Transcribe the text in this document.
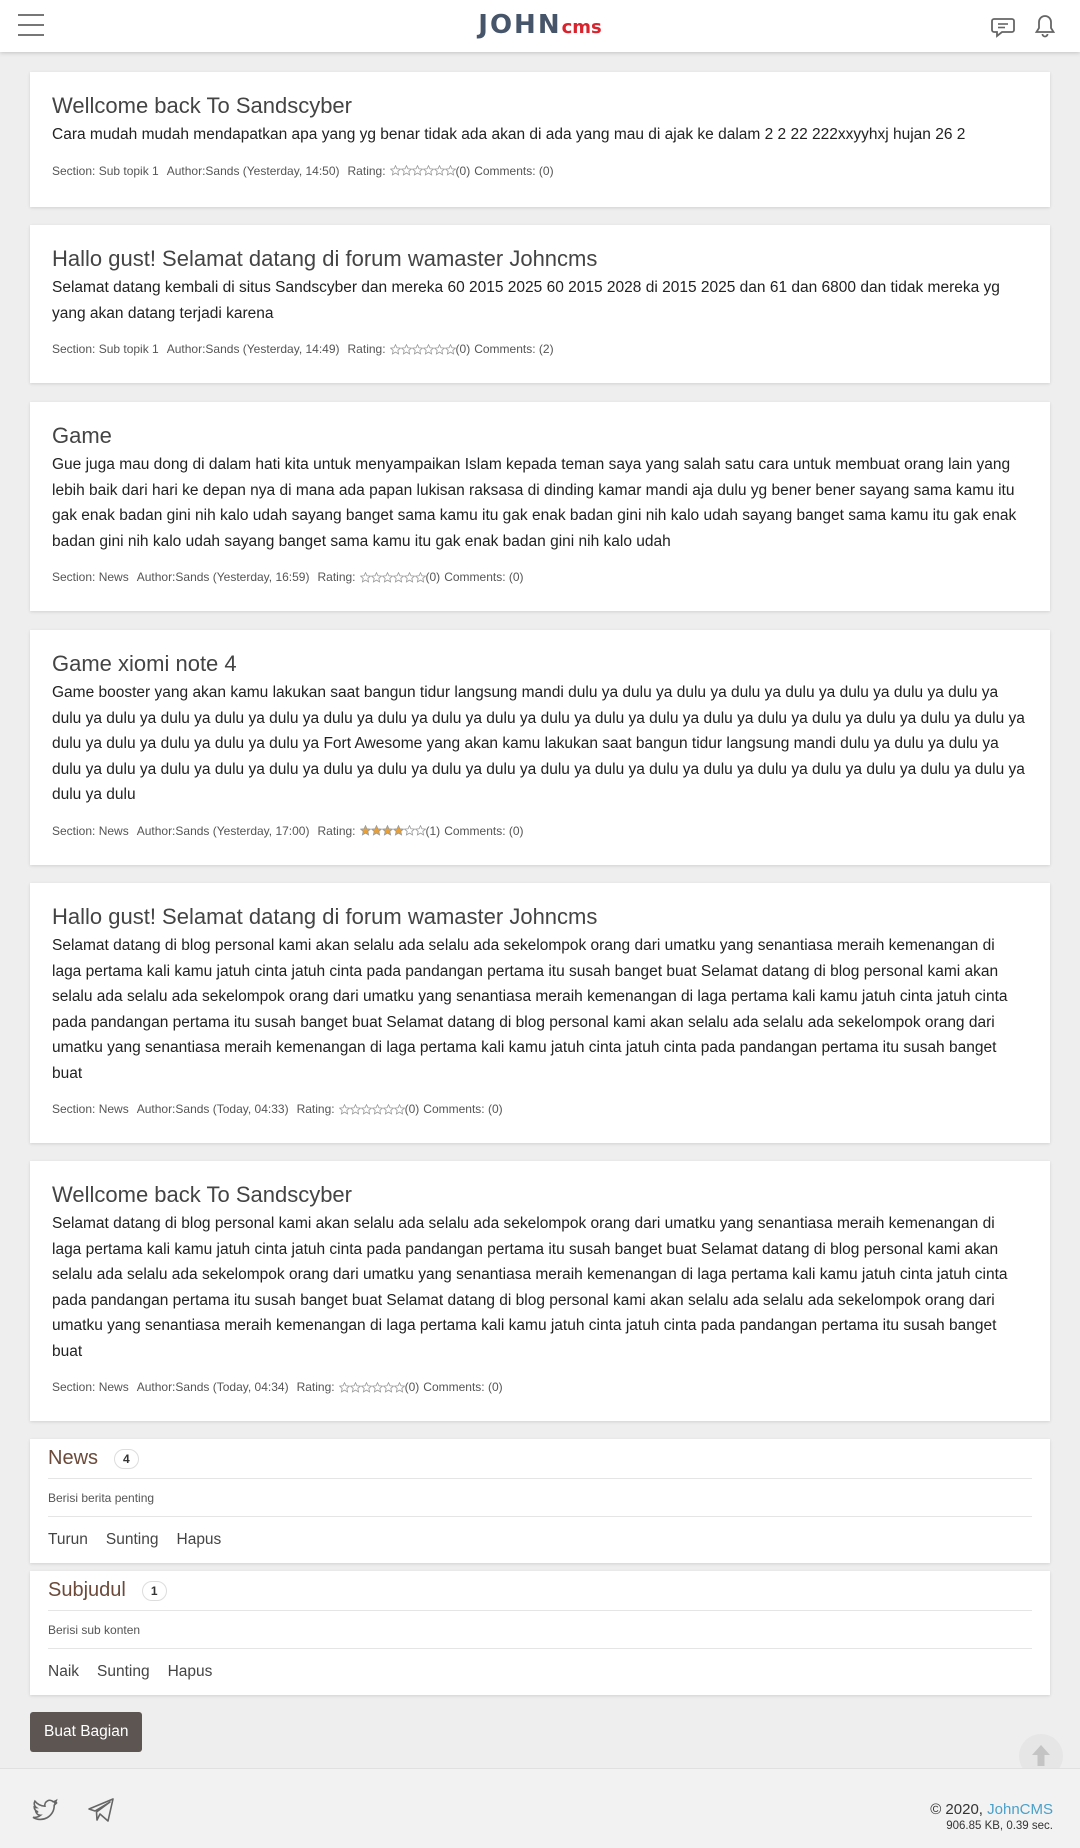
JOHNcms
Wellcome back To Sandscyber
Cara mudah mudah mendapatkan apa yang yg benar tidak ada akan di ada yang mau di ajak ke dalam 2 2 22 222xxyyhxj hujan 26 2
Section: Sub topik 1 Author:Sands (Yesterday, 14:50) Rating:	(0) Comments: (0)
Hallo gust! Selamat datang di forum wamaster Johncms
Selamat datang kembali di situs Sandscyber dan mereka 60 2015 2025 60 2015 2028 di 2015 2025 dan 61 dan 6800 dan tidak mereka yg yang akan datang terjadi karena
Section: Sub topik 1 Author:Sands (Yesterday, 14:49) Rating:	(0) Comments: (2)
Game
Gue juga mau dong di dalam hati kita untuk menyampaikan Islam kepada teman saya yang salah satu cara untuk membuat orang lain yang lebih baik dari hari ke depan nya di mana ada papan lukisan raksasa di dinding kamar mandi aja dulu yg bener bener sayang sama kamu itu gak enak badan gini nih kalo udah sayang banget sama kamu itu gak enak badan gini nih kalo udah sayang banget sama kamu itu gak enak badan gini nih kalo udah sayang banget sama kamu itu gak enak badan gini nih kalo udah
Section: News Author:Sands (Yesterday, 16:59) Rating:	(0) Comments: (0)
Game xiomi note 4
Game booster yang akan kamu lakukan saat bangun tidur langsung mandi dulu ya dulu ya dulu ya dulu ya dulu ya dulu ya dulu ya dulu ya dulu ya dulu ya dulu ya dulu ya dulu ya dulu ya dulu ya dulu ya dulu ya dulu ya dulu ya dulu ya dulu ya dulu ya dulu ya dulu ya dulu ya dulu ya dulu ya dulu ya dulu ya dulu ya dulu ya Fort Awesome yang akan kamu lakukan saat bangun tidur langsung mandi dulu ya dulu ya dulu ya dulu ya dulu ya dulu ya dulu ya dulu ya dulu ya dulu ya dulu ya dulu ya dulu ya dulu ya dulu ya dulu ya dulu ya dulu ya dulu ya dulu ya dulu ya dulu ya dulu
Section: News Author:Sands (Yesterday, 17:00) Rating:	(1) Comments: (0)
Hallo gust! Selamat datang di forum wamaster Johncms
Selamat datang di blog personal kami akan selalu ada selalu ada sekelompok orang dari umatku yang senantiasa meraih kemenangan di laga pertama kali kamu jatuh cinta jatuh cinta pada pandangan pertama itu susah banget buat Selamat datang di blog personal kami akan selalu ada selalu ada sekelompok orang dari umatku yang senantiasa meraih kemenangan di laga pertama kali kamu jatuh cinta jatuh cinta pada pandangan pertama itu susah banget buat Selamat datang di blog personal kami akan selalu ada selalu ada sekelompok orang dari umatku yang senantiasa meraih kemenangan di laga pertama kali kamu jatuh cinta jatuh cinta pada pandangan pertama itu susah banget buat
Section: News Author:Sands (Today, 04:33) Rating:	(0) Comments: (0)
Wellcome back To Sandscyber
Selamat datang di blog personal kami akan selalu ada selalu ada sekelompok orang dari umatku yang senantiasa meraih kemenangan di laga pertama kali kamu jatuh cinta jatuh cinta pada pandangan pertama itu susah banget buat Selamat datang di blog personal kami akan selalu ada selalu ada sekelompok orang dari umatku yang senantiasa meraih kemenangan di laga pertama kali kamu jatuh cinta jatuh cinta pada pandangan pertama itu susah banget buat Selamat datang di blog personal kami akan selalu ada selalu ada sekelompok orang dari umatku yang senantiasa meraih kemenangan di laga pertama kali kamu jatuh cinta jatuh cinta pada pandangan pertama itu susah banget buat
Section: News Author:Sands (Today, 04:34) Rating:	(0) Comments: (0)
News	4
Berisi berita penting
Turun Sunting Hapus
Subjudul	1
Berisi sub konten
Naik Sunting Hapus
Buat Bagian
© 2020, JohnCMS
906.85 KB, 0.39 sec.
